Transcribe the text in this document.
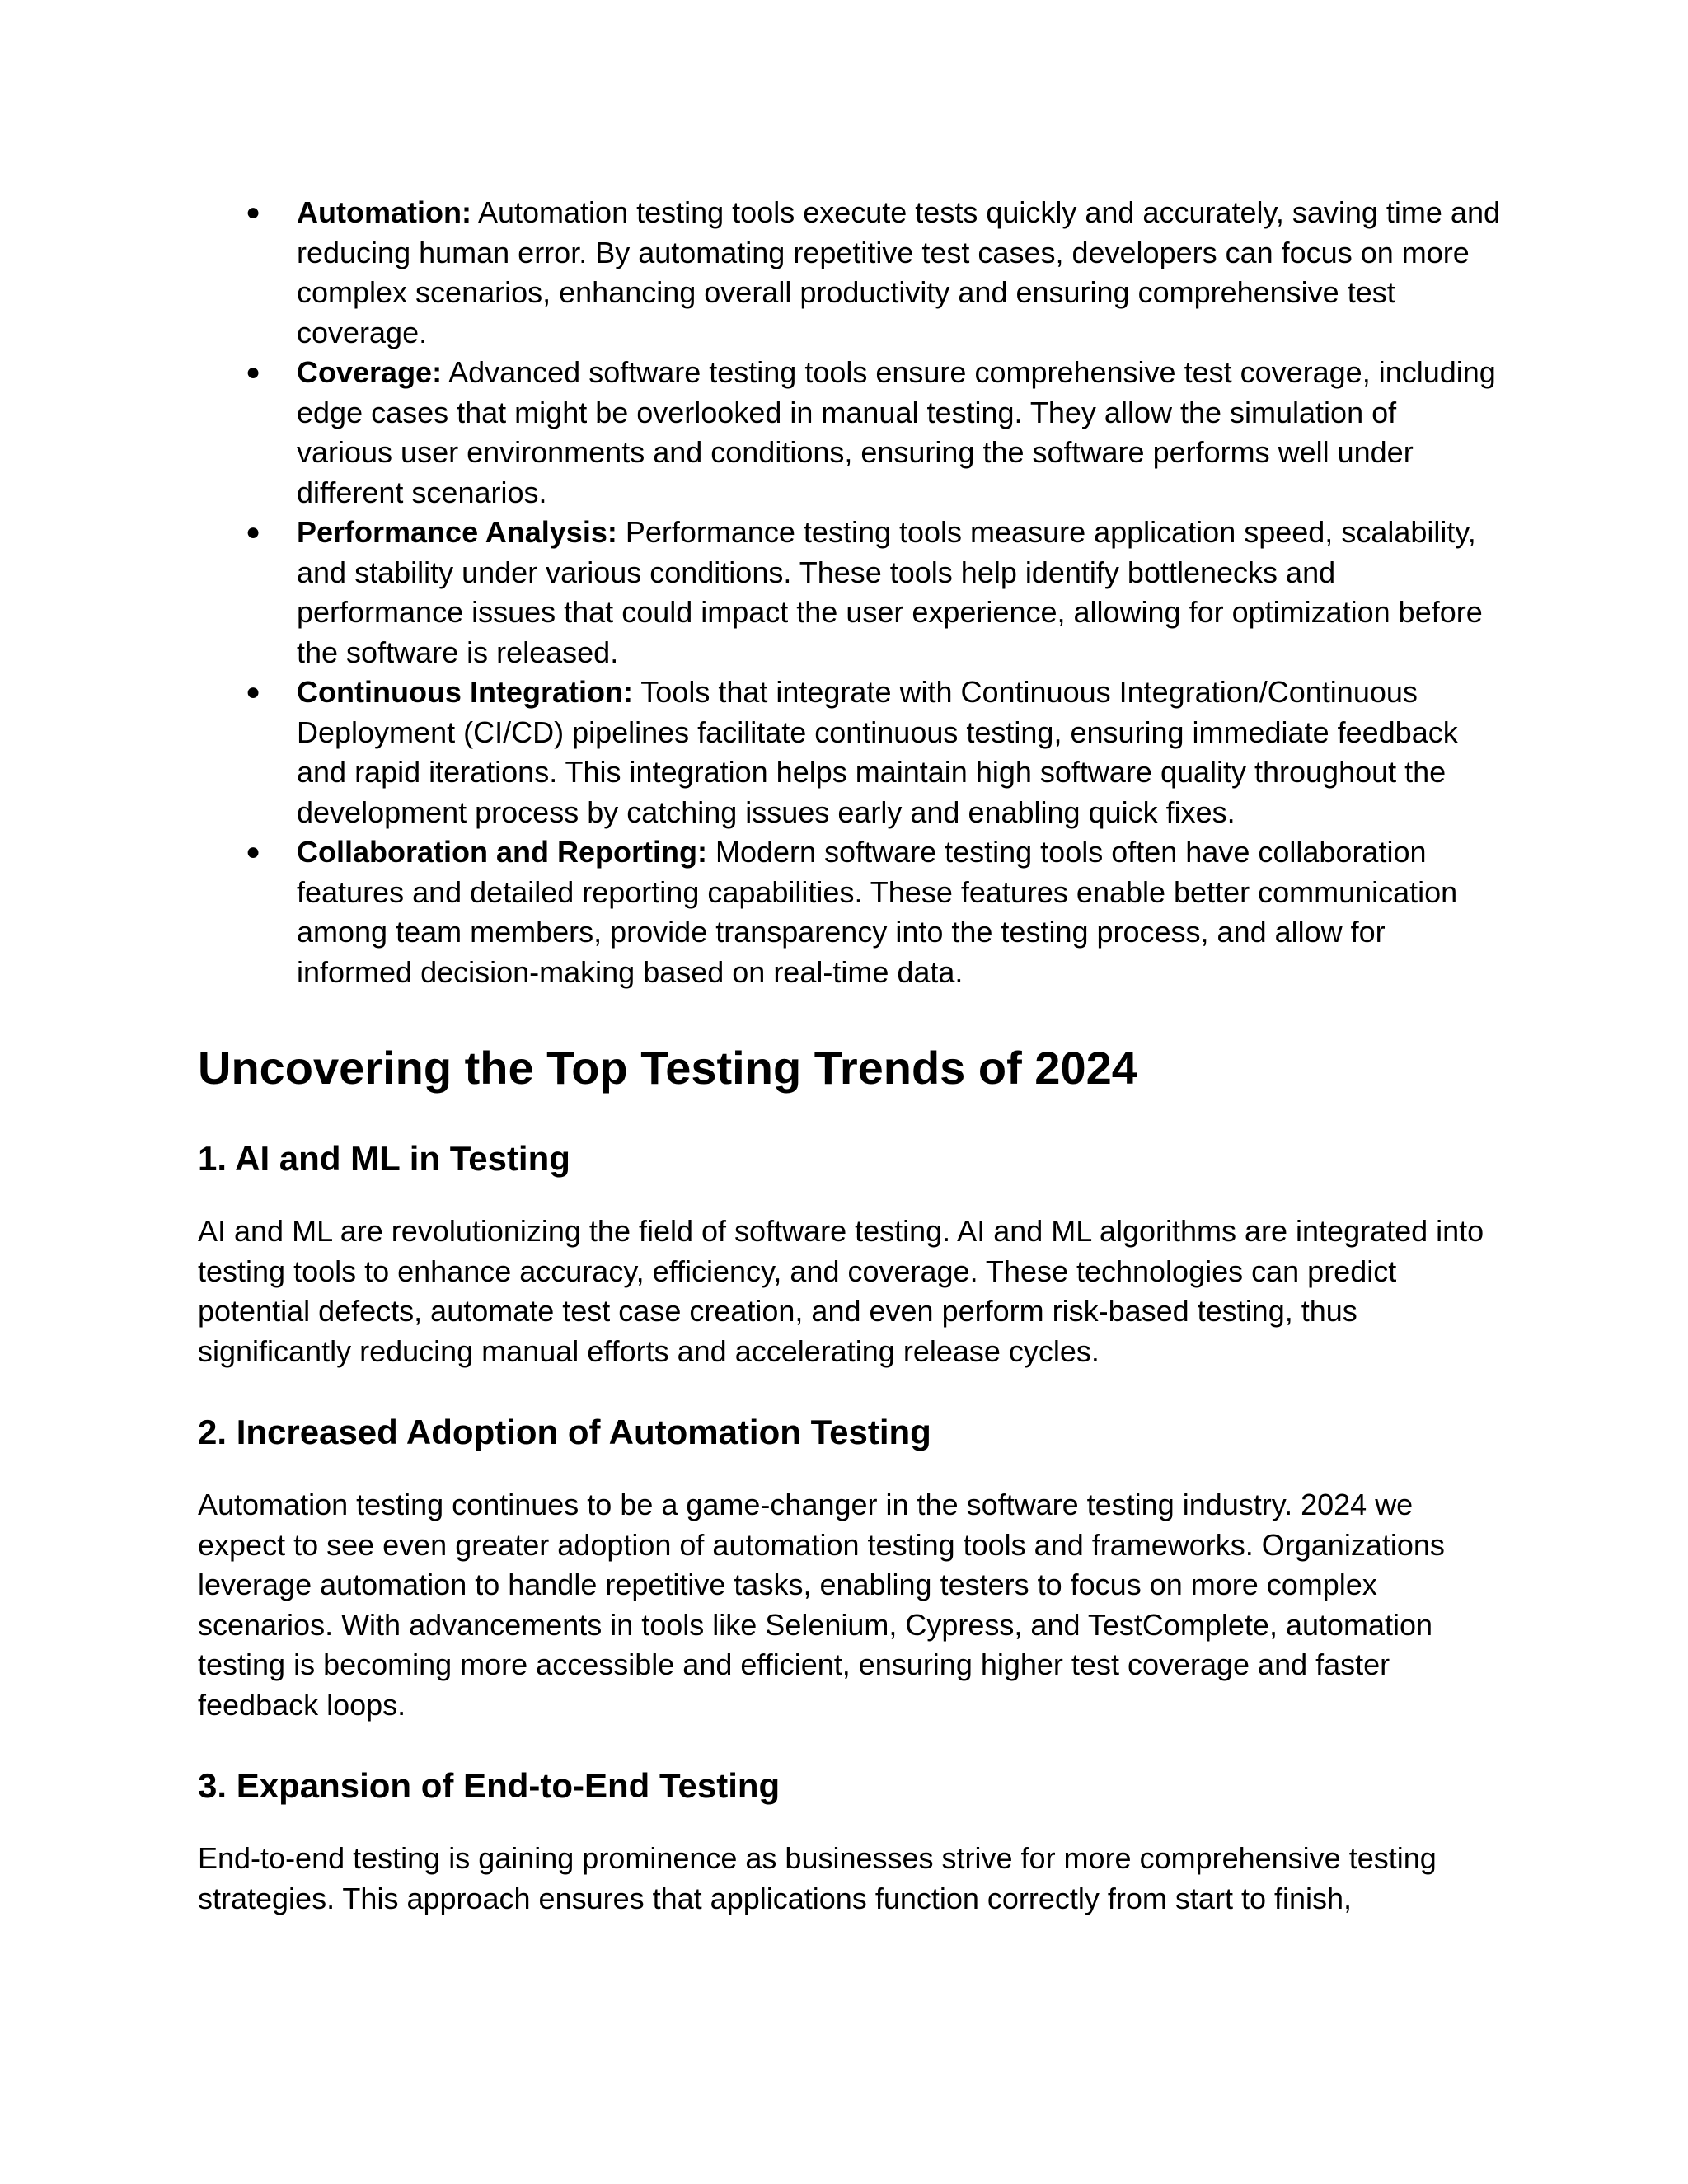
● Automation: Automation testing tools execute tests quickly and accurately, saving time and reducing human error. By automating repetitive test cases, developers can focus on more complex scenarios, enhancing overall productivity and ensuring comprehensive test coverage.
● Coverage: Advanced software testing tools ensure comprehensive test coverage, including edge cases that might be overlooked in manual testing. They allow the simulation of various user environments and conditions, ensuring the software performs well under different scenarios.
● Performance Analysis: Performance testing tools measure application speed, scalability, and stability under various conditions. These tools help identify bottlenecks and performance issues that could impact the user experience, allowing for optimization before the software is released.
● Continuous Integration: Tools that integrate with Continuous Integration/Continuous Deployment (CI/CD) pipelines facilitate continuous testing, ensuring immediate feedback and rapid iterations. This integration helps maintain high software quality throughout the development process by catching issues early and enabling quick fixes.
● Collaboration and Reporting: Modern software testing tools often have collaboration features and detailed reporting capabilities. These features enable better communication among team members, provide transparency into the testing process, and allow for informed decision-making based on real-time data.
Uncovering the Top Testing Trends of 2024
1. AI and ML in Testing

AI and ML are revolutionizing the field of software testing. AI and ML algorithms are integrated into testing tools to enhance accuracy, efficiency, and coverage. These technologies can predict potential defects, automate test case creation, and even perform risk-based testing, thus significantly reducing manual efforts and accelerating release cycles.

2. Increased Adoption of Automation Testing

Automation testing continues to be a game-changer in the software testing industry. 2024 we expect to see even greater adoption of automation testing tools and frameworks. Organizations leverage automation to handle repetitive tasks, enabling testers to focus on more complex scenarios. With advancements in tools like Selenium, Cypress, and TestComplete, automation testing is becoming more accessible and efficient, ensuring higher test coverage and faster feedback loops.

3. Expansion of End-to-End Testing

End-to-end testing is gaining prominence as businesses strive for more comprehensive testing strategies. This approach ensures that applications function correctly from start to finish,
